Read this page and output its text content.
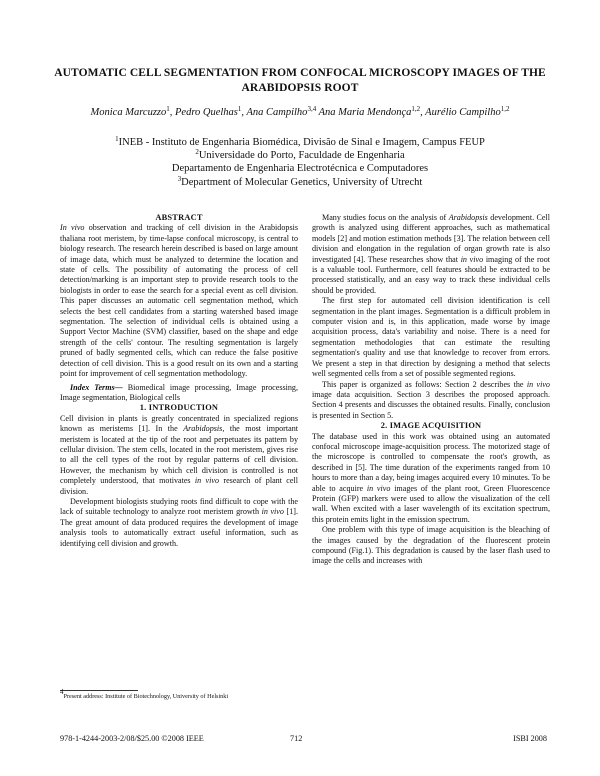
AUTOMATIC CELL SEGMENTATION FROM CONFOCAL MICROSCOPY IMAGES OF THE
ARABIDOPSIS ROOT
Monica Marcuzzo$^1$, Pedro Quelhas$^1$, Ana Campilho$^{3,4}$ Ana Maria Mendonça$^{1,2}$, Aurélio Campilho$^{1,2}$
$^1$INEB - Instituto de Engenharia Biomédica, Divisão de Sinal e Imagem, Campus FEUP
$^2$Universidade do Porto, Faculdade de Engenharia
Departamento de Engenharia Electrotécnica e Computadores
$^3$Department of Molecular Genetics, University of Utrecht

ABSTRACT

In vivo observation and tracking of cell division in the Arabidopsis thaliana root meristem, by time-lapse confocal microscopy, is central to biology research. The research herein described is based on large amount of image data, which must be analyzed to determine the location and state of cells. The possibility of automating the process of cell detection/marking is an important step to provide research tools to the biologists in order to ease the search for a special event as cell division. This paper discusses an automatic cell segmentation method, which selects the best cell candidates from a starting watershed based image segmentation. The selection of individual cells is obtained using a Support Vector Machine (SVM) classifier, based on the shape and edge strength of the cells' contour. The resulting segmentation is largely pruned of badly segmented cells, which can reduce the false positive detection of cell division. This is a good result on its own and a starting point for improvement of cell segmentation methodology.

Index Terms— Biomedical image processing, Image processing, Image segmentation, Biological cells

1. INTRODUCTION

Cell division in plants is greatly concentrated in specialized regions known as meristems [1]. In the Arabidopsis, the most important meristem is located at the tip of the root and perpetuates its pattern by cellular division. The stem cells, located in the root meristem, gives rise to all the cell types of the root by regular patterns of cell division. However, the mechanism by which cell division is controlled is not completely understood, that motivates in vivo research of plant cell division.

Development biologists studying roots find difficult to cope with the lack of suitable technology to analyze root meristem growth in vivo [1]. The great amount of data produced requires the development of image analysis tools to automatically extract useful information, such as identifying cell division and growth.

$^4$Present address: Institute of Biotechnology, University of Helsinki

Many studies focus on the analysis of Arabidopsis development. Cell growth is analyzed using different approaches, such as mathematical models [2] and motion estimation methods [3]. The relation between cell division and elongation in the regulation of organ growth rate is also investigated [4]. These researches show that in vivo imaging of the root is a valuable tool. Furthermore, cell features should be extracted to be processed statistically, and an easy way to track these individual cells should be provided.

The first step for automated cell division identification is cell segmentation in the plant images. Segmentation is a difficult problem in computer vision and is, in this application, made worse by image acquisition process, data's variability and noise. There is a need for segmentation methodologies that can estimate the resulting segmentation's quality and use that knowledge to recover from errors. We present a step in that direction by designing a method that selects well segmented cells from a set of possible segmented regions.

This paper is organized as follows: Section 2 describes the in vivo image data acquisition. Section 3 describes the proposed approach. Section 4 presents and discusses the obtained results. Finally, conclusion is presented in Section 5.

2. IMAGE ACQUISITION

The database used in this work was obtained using an automated confocal microscope image-acquisition process. The motorized stage of the microscope is controlled to compensate the root's growth, as described in [5]. The time duration of the experiments ranged from 10 hours to more than a day, being images acquired every 10 minutes. To be able to acquire in vivo images of the plant root, Green Fluorescence Protein (GFP) markers were used to allow the visualization of the cell wall. When excited with a laser wavelength of its excitation spectrum, this protein emits light in the emission spectrum.

One problem with this type of image acquisition is the bleaching of the images caused by the degradation of the fluorescent protein compound (Fig.1). This degradation is caused by the laser flash used to image the cells and increases with

978-1-4244-2003-2/08/$25.00 ©2008 IEEE	712	ISBI 2008
